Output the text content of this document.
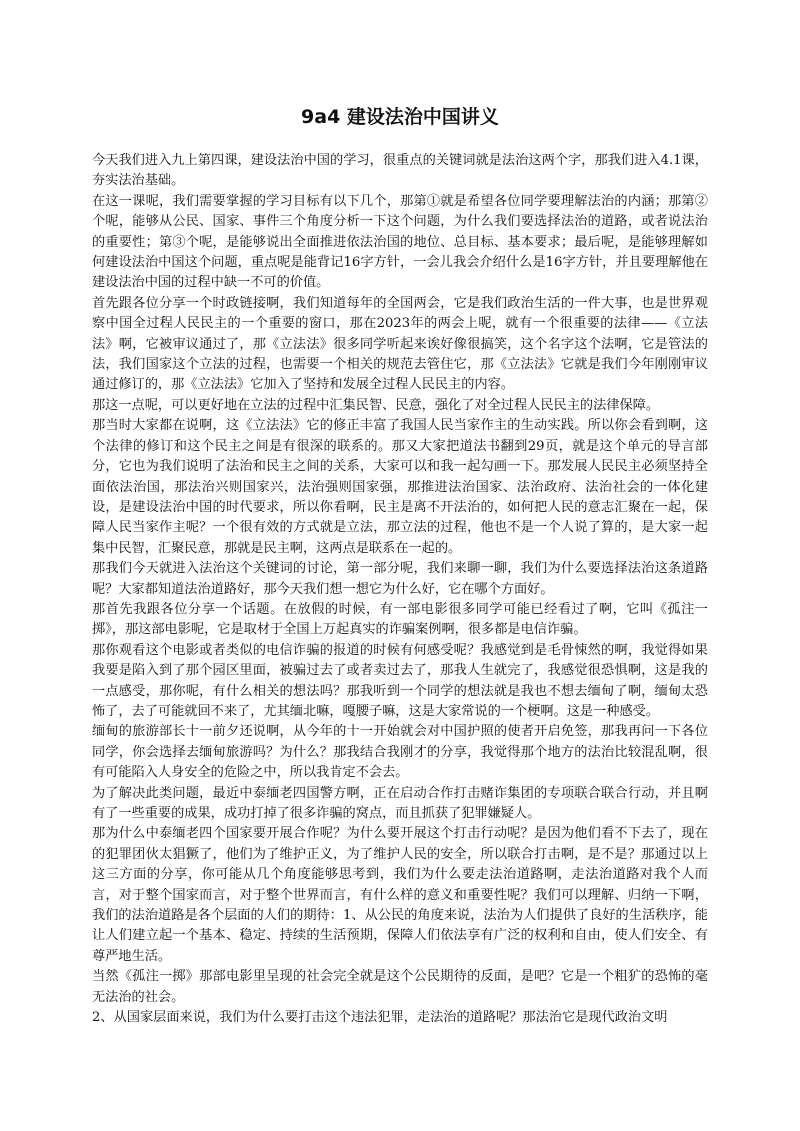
9a4 建设法治中国讲义

今天我们进入九上第四课，建设法治中国的学习，很重点的关键词就是法治这两个字，那我们进入4.1课，夯实法治基础。

在这一课呢，我们需要掌握的学习目标有以下几个，那第①就是希望各位同学要理解法治的内涵；那第②个呢，能够从公民、国家、事件三个角度分析一下这个问题，为什么我们要选择法治的道路，或者说法治的重要性；第③个呢，是能够说出全面推进依法治国的地位、总目标、基本要求；最后呢，是能够理解如何建设法治中国这个问题，重点呢是能背记16字方针，一会儿我会介绍什么是16字方针，并且要理解他在建设法治中国的过程中缺一不可的价值。

首先跟各位分享一个时政链接啊，我们知道每年的全国两会，它是我们政治生活的一件大事，也是世界观察中国全过程人民民主的一个重要的窗口，那在2023年的两会上呢，就有一个很重要的法律——《立法法》啊，它被审议通过了，那《立法法》很多同学听起来诶好像很搞笑，这个名字这个法啊，它是管法的法，我们国家这个立法的过程，也需要一个相关的规范去管住它，那《立法法》它就是我们今年刚刚审议通过修订的，那《立法法》它加入了坚持和发展全过程人民民主的内容。

那这一点呢，可以更好地在立法的过程中汇集民智、民意，强化了对全过程人民民主的法律保障。

那当时大家都在说啊，这《立法法》它的修正丰富了我国人民当家作主的生动实践。所以你会看到啊，这个法律的修订和这个民主之间是有很深的联系的。那又大家把道法书翻到29页，就是这个单元的导言部分，它也为我们说明了法治和民主之间的关系，大家可以和我一起勾画一下。那发展人民民主必须坚持全面依法治国，那法治兴则国家兴，法治强则国家强，那推进法治国家、法治政府、法治社会的一体化建设，是建设法治中国的时代要求，所以你看啊，民主是离不开法治的，如何把人民的意志汇聚在一起，保障人民当家作主呢？一个很有效的方式就是立法，那立法的过程，他也不是一个人说了算的，是大家一起集中民智，汇聚民意，那就是民主啊，这两点是联系在一起的。

那我们今天就进入法治这个关键词的讨论，第一部分呢，我们来聊一聊，我们为什么要选择法治这条道路呢？大家都知道法治道路好，那今天我们想一想它为什么好，它在哪个方面好。

那首先我跟各位分享一个话题。在放假的时候，有一部电影很多同学可能已经看过了啊，它叫《孤注一掷》，那这部电影呢，它是取材于全国上万起真实的诈骗案例啊，很多都是电信诈骗。

那你观看这个电影或者类似的电信诈骗的报道的时候有何感受呢？我感觉到是毛骨悚然的啊，我觉得如果我要是陷入到了那个园区里面，被骗过去了或者卖过去了，那我人生就完了，我感觉很恐惧啊，这是我的一点感受，那你呢，有什么相关的想法吗？那我听到一个同学的想法就是我也不想去缅甸了啊，缅甸太恐怖了，去了可能就回不来了，尤其缅北嘛，嘎腰子嘛，这是大家常说的一个梗啊。这是一种感受。

缅甸的旅游部长十一前夕还说啊，从今年的十一开始就会对中国护照的使者开启免签，那我再问一下各位同学，你会选择去缅甸旅游吗？为什么？那我结合我刚才的分享，我觉得那个地方的法治比较混乱啊，很有可能陷入人身安全的危险之中，所以我肯定不会去。

为了解决此类问题，最近中泰缅老四国警方啊，正在启动合作打击赌诈集团的专项联合联合行动，并且啊有了一些重要的成果，成功打掉了很多诈骗的窝点，而且抓获了犯罪嫌疑人。

那为什么中泰缅老四个国家要开展合作呢？为什么要开展这个打击行动呢？是因为他们看不下去了，现在的犯罪团伙太猖獗了，他们为了维护正义，为了维护人民的安全，所以联合打击啊，是不是？那通过以上这三方面的分享，你可能从几个角度能够思考到，我们为什么要走法治道路啊，走法治道路对我个人而言，对于整个国家而言，对于整个世界而言，有什么样的意义和重要性呢？我们可以理解、归纳一下啊，我们的法治道路是各个层面的人们的期待：1、从公民的角度来说，法治为人们提供了良好的生活秩序，能让人们建立起一个基本、稳定、持续的生活预期，保障人们依法享有广泛的权利和自由，使人们安全、有尊严地生活。

当然《孤注一掷》那部电影里呈现的社会完全就是这个公民期待的反面，是吧？它是一个粗犷的恐怖的毫无法治的社会。

2、从国家层面来说，我们为什么要打击这个违法犯罪，走法治的道路呢？那法治它是现代政治文明
